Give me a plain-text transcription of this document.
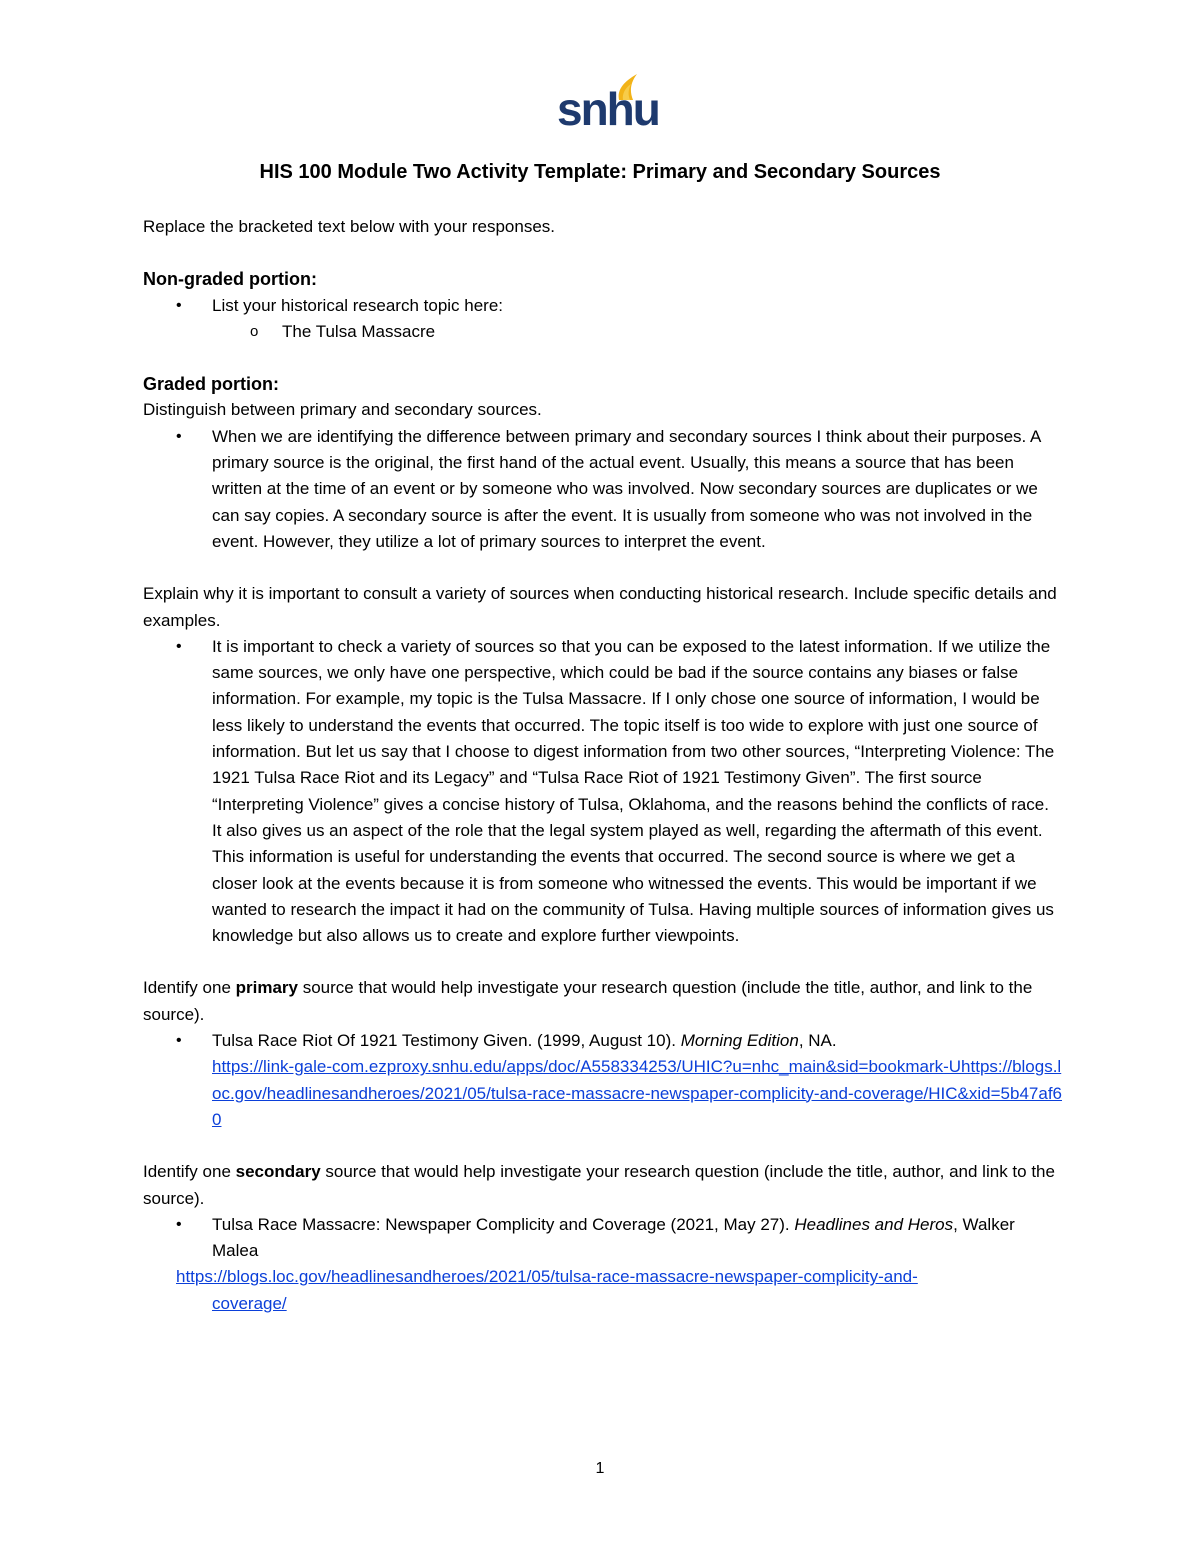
snhu
HIS 100 Module Two Activity Template: Primary and Secondary Sources

Replace the bracketed text below with your responses.

Non-graded portion:

• List your historical research topic here:
o The Tulsa Massacre

Graded portion:

Distinguish between primary and secondary sources.

• When we are identifying the difference between primary and secondary sources I think about their purposes. A primary source is the original, the first hand of the actual event. Usually, this means a source that has been written at the time of an event or by someone who was involved. Now secondary sources are duplicates or we can say copies. A secondary source is after the event. It is usually from someone who was not involved in the event. However, they utilize a lot of primary sources to interpret the event.

Explain why it is important to consult a variety of sources when conducting historical research. Include specific details and examples.

• It is important to check a variety of sources so that you can be exposed to the latest information. If we utilize the same sources, we only have one perspective, which could be bad if the source contains any biases or false information. For example, my topic is the Tulsa Massacre. If I only chose one source of information, I would be less likely to understand the events that occurred. The topic itself is too wide to explore with just one source of information. But let us say that I choose to digest information from two other sources, “Interpreting Violence: The 1921 Tulsa Race Riot and its Legacy” and “Tulsa Race Riot of 1921 Testimony Given”. The first source “Interpreting Violence” gives a concise history of Tulsa, Oklahoma, and the reasons behind the conflicts of race. It also gives us an aspect of the role that the legal system played as well, regarding the aftermath of this event. This information is useful for understanding the events that occurred. The second source is where we get a closer look at the events because it is from someone who witnessed the events. This would be important if we wanted to research the impact it had on the community of Tulsa. Having multiple sources of information gives us knowledge but also allows us to create and explore further viewpoints.

Identify one primary source that would help investigate your research question (include the title, author, and link to the source).

• Tulsa Race Riot Of 1921 Testimony Given. (1999, August 10). Morning Edition, NA.
https://link-gale-com.ezproxy.snhu.edu/apps/doc/A558334253/UHIC?u=nhc_main&sid=bookmark-Uhttps://blogs.loc.gov/headlinesandheroes/2021/05/tulsa-race-massacre-newspaper-complicity-and-coverage/HIC&xid=5b47af60

Identify one secondary source that would help investigate your research question (include the title, author, and link to the source).

• Tulsa Race Massacre: Newspaper Complicity and Coverage (2021, May 27). Headlines and Heros, Walker Malea

https://blogs.loc.gov/headlinesandheroes/2021/05/tulsa-race-massacre-newspaper-complicity-and-

coverage/

1
